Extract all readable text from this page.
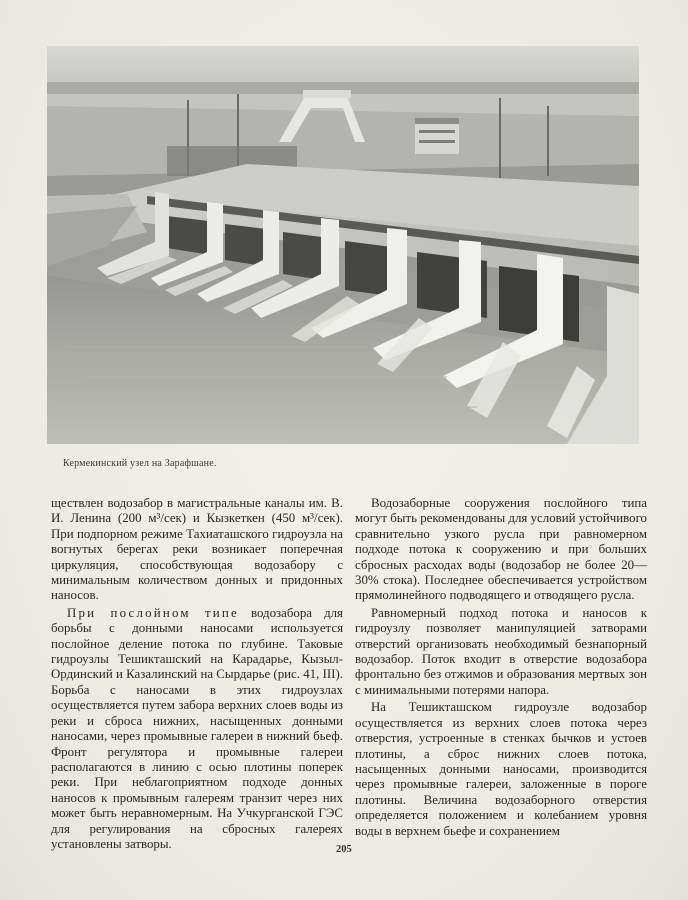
Кермекинский узел на Зарафшане.

ществлен водозабор в магистральные каналы им. В. И. Ленина (200 м³/сек) и Кызкеткен (450 м³/сек). При подпорном режиме Тахиаташского гидроузла на вогнутых берегах реки возникает поперечная циркуляция, способствующая водозабору с минимальным количеством донных и придонных наносов.

При послойном типе водозабора для борьбы с донными наносами используется послойное деление потока по глубине. Таковые гидроузлы Тешикташский на Карадарье, Кызыл-Ординский и Казалинский на Сырдарье (рис. 41, III). Борьба с наносами в этих гидроузлах осуществляется путем забора верхних слоев воды из реки и сброса нижних, насыщенных донными наносами, через промывные галереи в нижний бьеф. Фронт регулятора и промывные галереи располагаются в линию с осью плотины поперек реки. При неблагоприятном подходе донных наносов к промывным галереям транзит через них может быть неравномерным. На Учкурганской ГЭС для регулирования на сбросных галереях установлены затворы.

Водозаборные сооружения послойного типа могут быть рекомендованы для условий устойчивого сравнительно узкого русла при равномерном подходе потока к сооружению и при больших сбросных расходах воды (водозабор не более 20—30% стока). Последнее обеспечивается устройством прямолинейного подводящего и отводящего русла.

Равномерный подход потока и наносов к гидроузлу позволяет манипуляцией затворами отверстий организовать необходимый безнапорный водозабор. Поток входит в отверстие водозабора фронтально без отжимов и образования мертвых зон с минимальными потерями напора.

На Тешикташском гидроузле водозабор осуществляется из верхних слоев потока через отверстия, устроенные в стенках бычков и устоев плотины, а сброс нижних слоев потока, насыщенных донными наносами, производится через промывные галереи, заложенные в пороге плотины. Величина водозаборного отверстия определяется положением и колебанием уровня воды в верхнем бьефе и сохранением

205
